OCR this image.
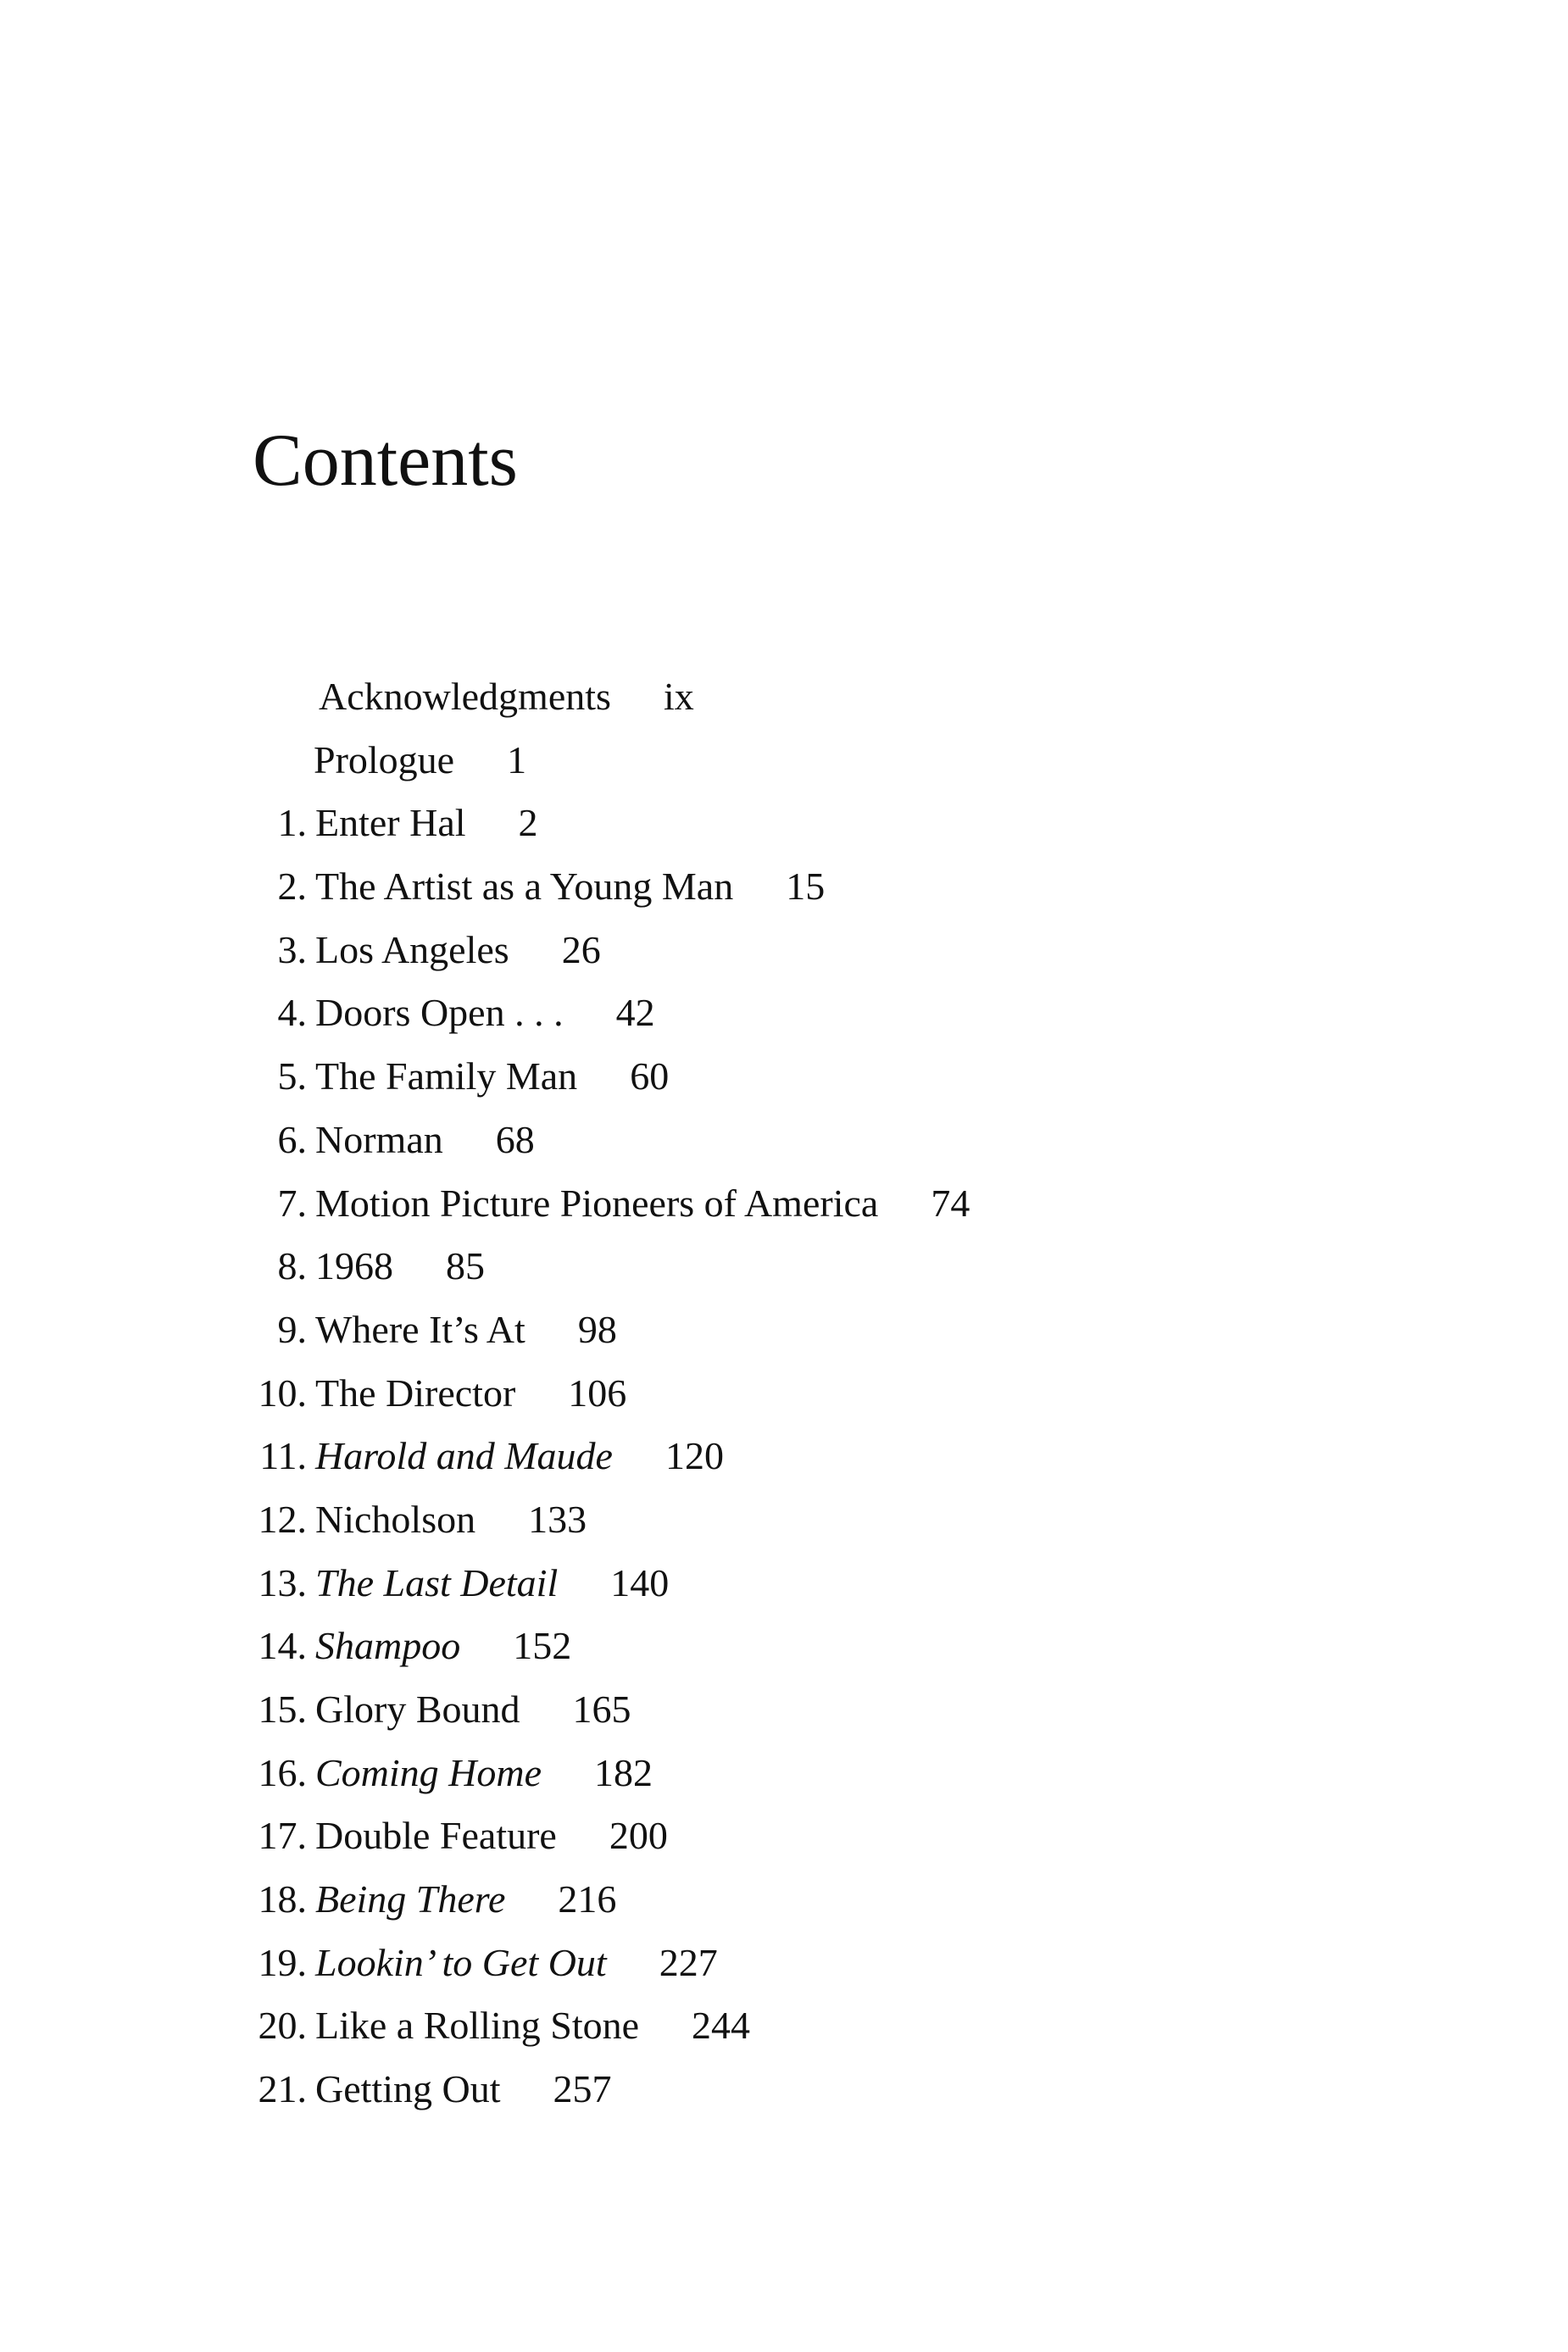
Contents
Acknowledgments ix
Prologue 1
1. Enter Hal 2
2. The Artist as a Young Man 15
3. Los Angeles 26
4. Doors Open . . . 42
5. The Family Man 60
6. Norman 68
7. Motion Picture Pioneers of America 74
8. 1968 85
9. Where It’s At 98
10. The Director 106
11. Harold and Maude 120
12. Nicholson 133
13. The Last Detail 140
14. Shampoo 152
15. Glory Bound 165
16. Coming Home 182
17. Double Feature 200
18. Being There 216
19. Lookin’ to Get Out 227
20. Like a Rolling Stone 244
21. Getting Out 257
